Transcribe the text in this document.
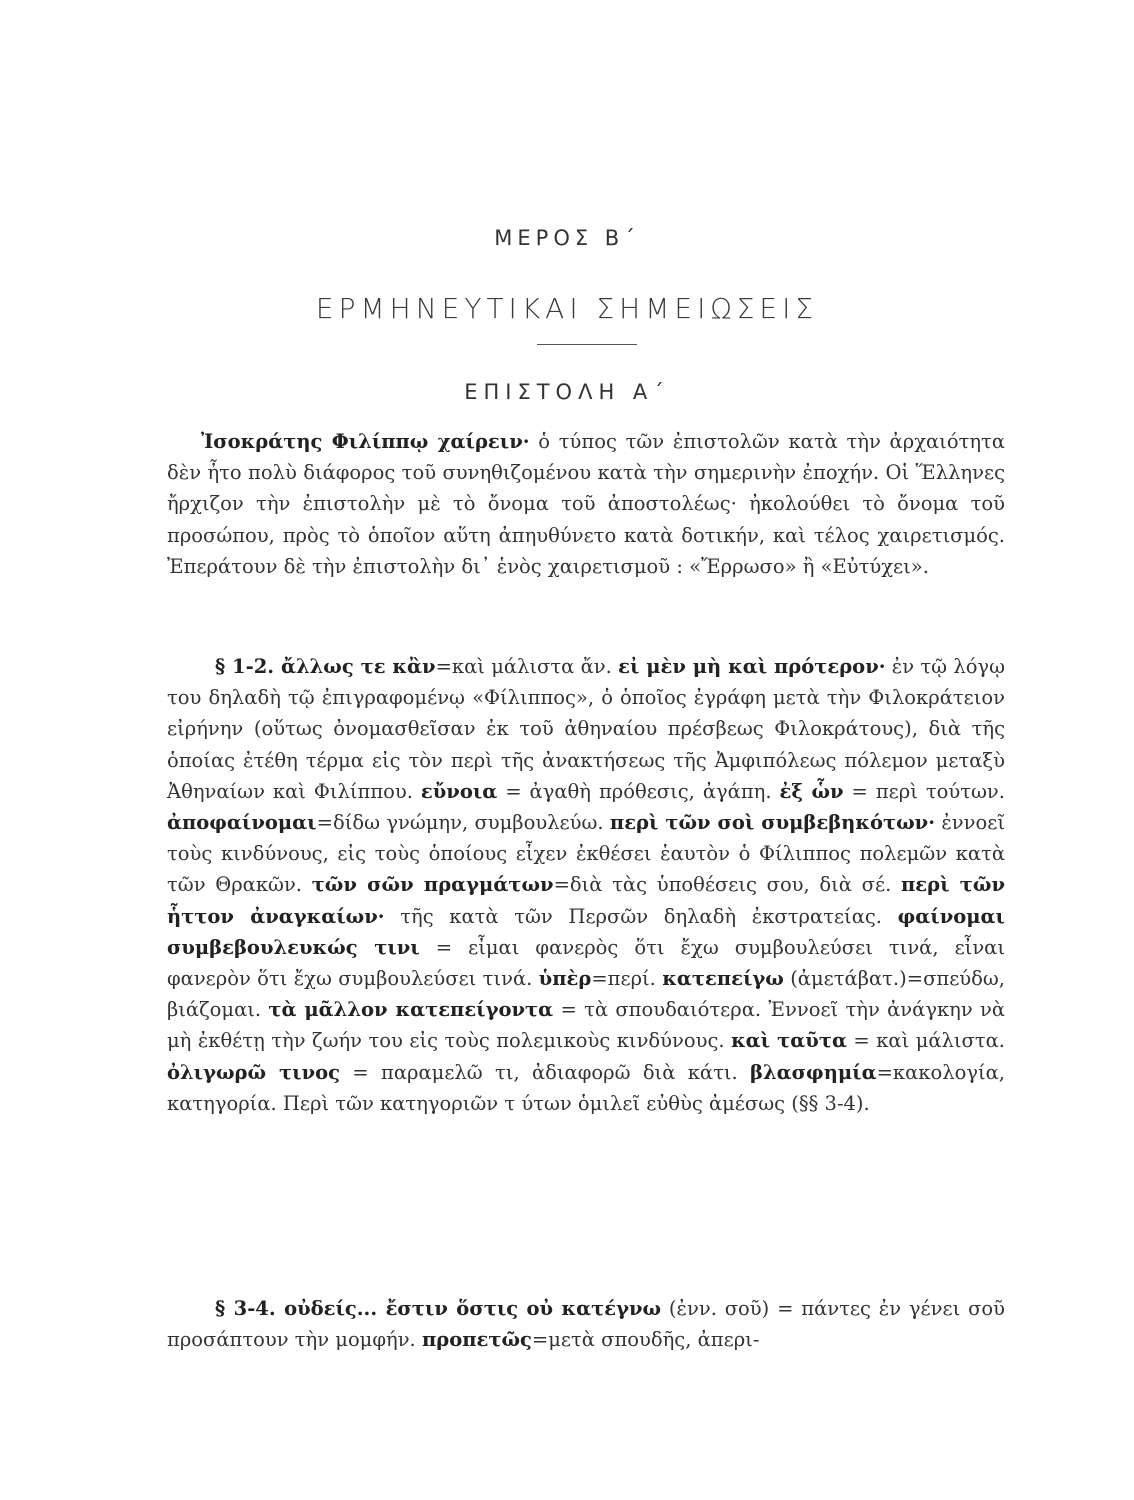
ΜΕΡΟΣ Β΄
ΕΡΜΗΝΕΥΤΙΚΑΙ ΣΗΜΕΙΩΣΕΙΣ
ΕΠΙΣΤΟΛΗ Α΄
Ἰσοκράτης Φιλίππῳ χαίρειν· ὁ τύπος τῶν ἐπιστολῶν κατὰ τὴν ἀρχαιότητα δὲν ἦτο πολὺ διάφορος τοῦ συνηθιζομένου κατὰ τὴν σημερινὴν ἐποχήν. Οἱ Ἕλληνες ἤρχιζον τὴν ἐπιστολὴν μὲ τὸ ὄνομα τοῦ ἀποστολέως· ἠκολούθει τὸ ὄνομα τοῦ προσώπου, πρὸς τὸ ὁποῖον αὕτη ἀπηυθύνετο κατὰ δοτικήν, καὶ τέλος χαιρετισμός. Ἐπεράτουν δὲ τὴν ἐπιστολὴν δι᾽ ἑνὸς χαιρετισμοῦ : «Ἔρρωσο» ἢ «Εὐτύχει».
§ 1-2. ἄλλως τε κἂν=καὶ μάλιστα ἄν. εἰ μὲν μὴ καὶ πρότερον· ἐν τῷ λόγῳ του δηλαδὴ τῷ ἐπιγραφομένῳ «Φίλιππος», ὁ ὁποῖος ἐγράφη μετὰ τὴν Φιλοκράτειον εἰρήνην (οὕτως ὀνομασθεῖσαν ἐκ τοῦ ἀθηναίου πρέσβεως Φιλοκράτους), διὰ τῆς ὁποίας ἐτέθη τέρμα εἰς τὸν περὶ τῆς ἀνακτήσεως τῆς Ἀμφιπόλεως πόλεμον μεταξὺ Ἀθηναίων καὶ Φιλίππου. εὔνοια = ἀγαθὴ πρόθεσις, ἀγάπη. ἐξ ὧν = περὶ τούτων. ἀποφαίνομαι=δίδω γνώμην, συμβουλεύω. περὶ τῶν σοὶ συμβεβηκότων· ἐννοεῖ τοὺς κινδύνους, εἰς τοὺς ὁποίους εἶχεν ἐκθέσει ἑαυτὸν ὁ Φίλιππος πολεμῶν κατὰ τῶν Θρακῶν. τῶν σῶν πραγμάτων=διὰ τὰς ὑποθέσεις σου, διὰ σέ. περὶ τῶν ἧττον ἀναγκαίων· τῆς κατὰ τῶν Περσῶν δηλαδὴ ἐκστρατείας. φαίνομαι συμβεβουλευκώς τινι = εἶμαι φανερὸς ὅτι ἔχω συμβουλεύσει τινά, εἶναι φανερὸν ὅτι ἔχω συμβουλεύσει τινά. ὑπὲρ=περί. κατεπείγω (ἀμετάβατ.)=σπεύδω, βιάζομαι. τὰ μᾶλλον κατεπείγοντα = τὰ σπουδαιότερα. Ἐννοεῖ τὴν ἀνάγκην νὰ μὴ ἐκθέτῃ τὴν ζωήν του εἰς τοὺς πολεμικοὺς κινδύνους. καὶ ταῦτα = καὶ μάλιστα. ὀλιγωρῶ τινος = παραμελῶ τι, ἀδιαφορῶ διὰ κάτι. βλασφημία=κακολογία, κατηγορία. Περὶ τῶν κατηγοριῶν τ ύτων ὁμιλεῖ εὐθὺς ἀμέσως (§§ 3-4).
§ 3-4. οὐδείς... ἔστιν ὅστις οὐ κατέγνω (ἐνν. σοῦ) = πάντες ἐν γένει σοῦ προσάπτουν τὴν μομφήν. προπετῶς=μετὰ σπουδῆς, ἀπερι-
